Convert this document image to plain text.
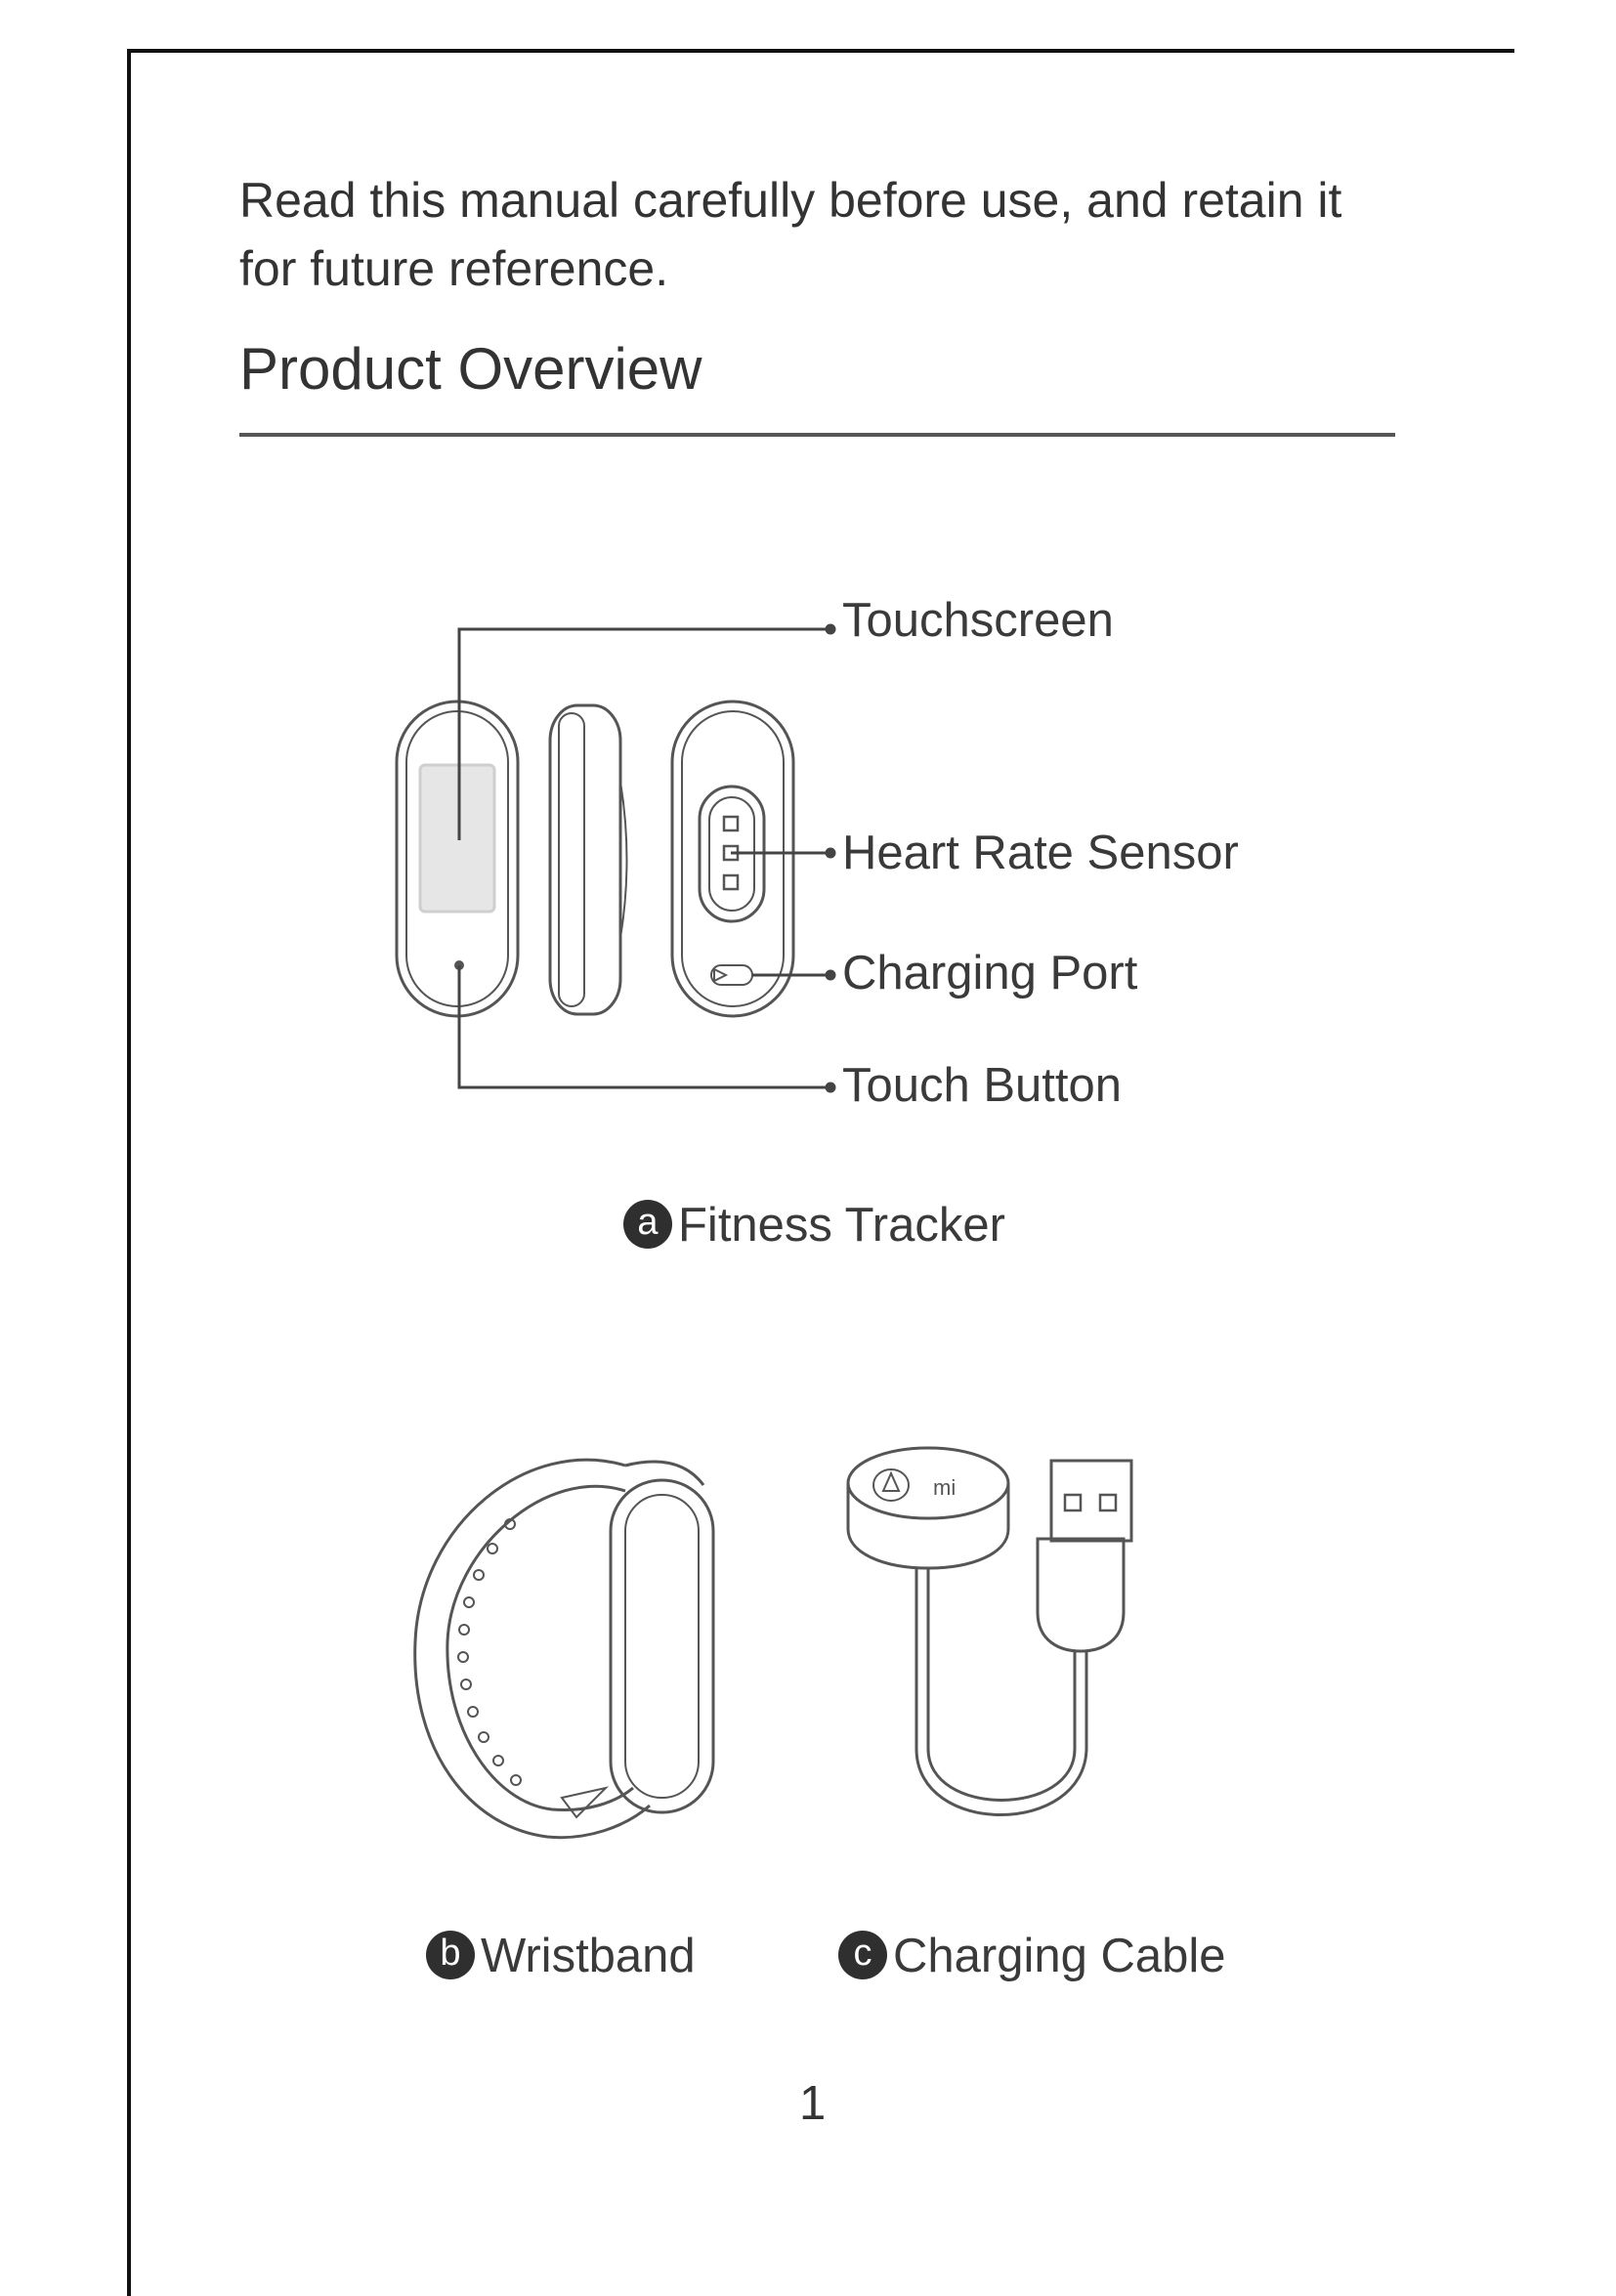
Read this manual carefully before use, and retain it for future reference.

Product Overview
mi
Touchscreen
Heart Rate Sensor
Charging Port
Touch Button
a Fitness Tracker
b Wristband	c Charging Cable
1
